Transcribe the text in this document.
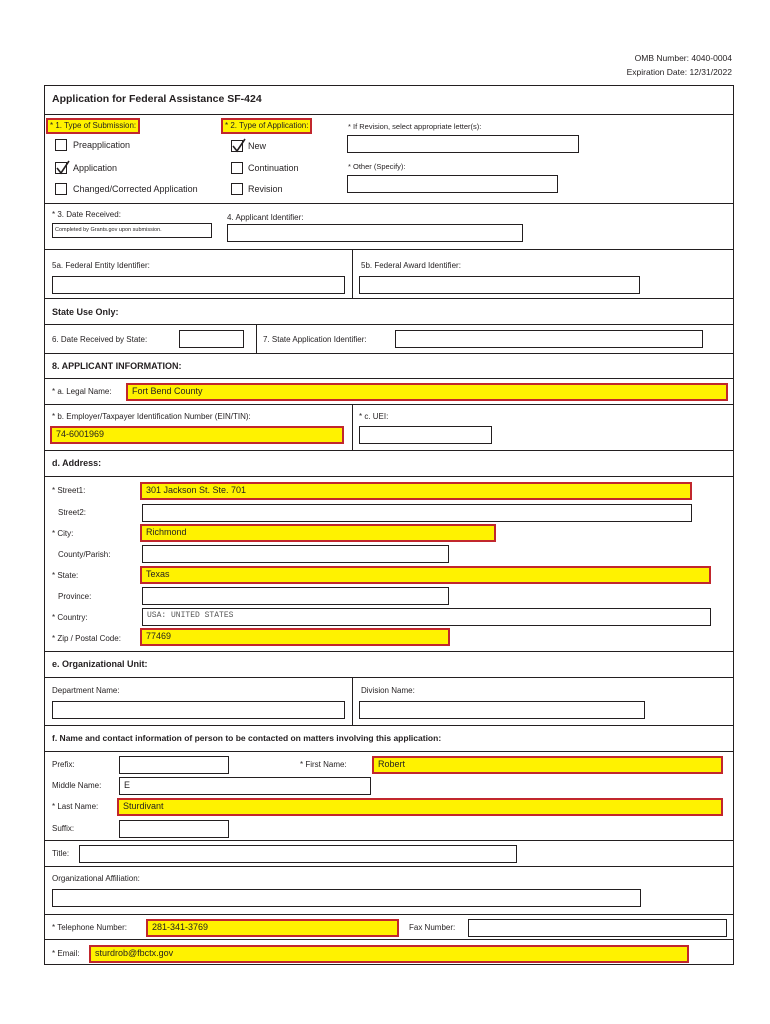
OMB Number: 4040-0004
Expiration Date: 12/31/2022
Application for Federal Assistance SF-424
* 1. Type of Submission:
Preapplication
Application
Changed/Corrected Application
* 2. Type of Application:
New
Continuation
Revision
* If Revision, select appropriate letter(s):
* Other (Specify):
* 3. Date Received:
Completed by Grants.gov upon submission.
4. Applicant Identifier:
5a. Federal Entity Identifier:	5b. Federal Award Identifier:
State Use Only:
6. Date Received by State:	7. State Application Identifier:
8. APPLICANT INFORMATION:
* a. Legal Name:	Fort Bend County
* b. Employer/Taxpayer Identification Number (EIN/TIN):
74-6001969
* c. UEI:
d. Address:
* Street1:	301 Jackson St. Ste. 701
Street2:
* City:	Richmond
County/Parish:
* State:	Texas
Province:
* Country:	USA: UNITED STATES
* Zip / Postal Code:	77469
e. Organizational Unit:
Department Name:	Division Name:
f. Name and contact information of person to be contacted on matters involving this application:
Prefix:	* First Name:	Robert
Middle Name:	E
* Last Name:	Sturdivant
Suffix:
Title:
Organizational Affiliation:
* Telephone Number:	281-341-3769	Fax Number:
* Email:	sturdrob@fbctx.gov
